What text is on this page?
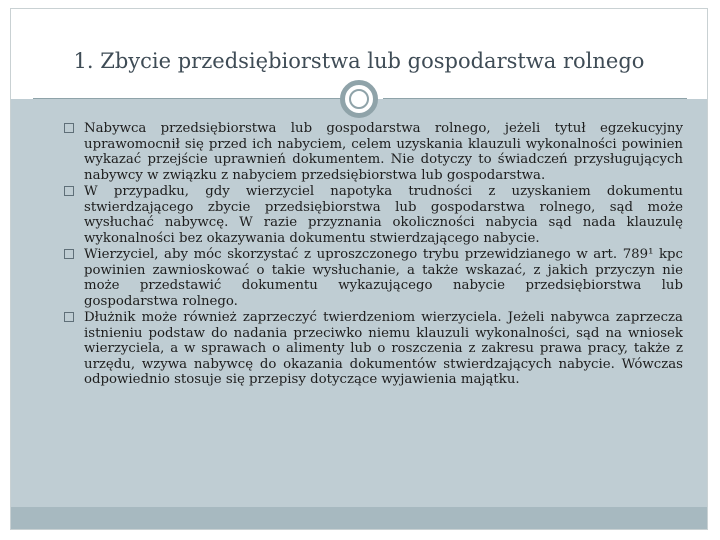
1. Zbycie przedsiębiorstwa lub gospodarstwa rolnego
Nabywca przedsiębiorstwa lub gospodarstwa rolnego, jeżeli tytuł egzekucyjny uprawomocnił się przed ich nabyciem, celem uzyskania klauzuli wykonalności powinien wykazać przejście uprawnień dokumentem. Nie dotyczy to świadczeń przysługujących nabywcy w związku z nabyciem przedsiębiorstwa lub gospodarstwa.
W przypadku, gdy wierzyciel napotyka trudności z uzyskaniem dokumentu stwierdzającego zbycie przedsiębiorstwa lub gospodarstwa rolnego, sąd może wysłuchać nabywcę. W razie przyznania okoliczności nabycia sąd nada klauzulę wykonalności bez okazywania dokumentu stwierdzającego nabycie.
Wierzyciel, aby móc skorzystać z uproszczonego trybu przewidzianego w art. 789¹ kpc powinien zawnioskować o takie wysłuchanie, a także wskazać, z jakich przyczyn nie może przedstawić dokumentu wykazującego nabycie przedsiębiorstwa lub gospodarstwa rolnego.
Dłużnik może również zaprzeczyć twierdzeniom wierzyciela. Jeżeli nabywca zaprzecza istnieniu podstaw do nadania przeciwko niemu klauzuli wykonalności, sąd na wniosek wierzyciela, a w sprawach o alimenty lub o roszczenia z zakresu prawa pracy, także z urzędu, wzywa nabywcę do okazania dokumentów stwierdzających nabycie. Wówczas odpowiednio stosuje się przepisy dotyczące wyjawienia majątku.
